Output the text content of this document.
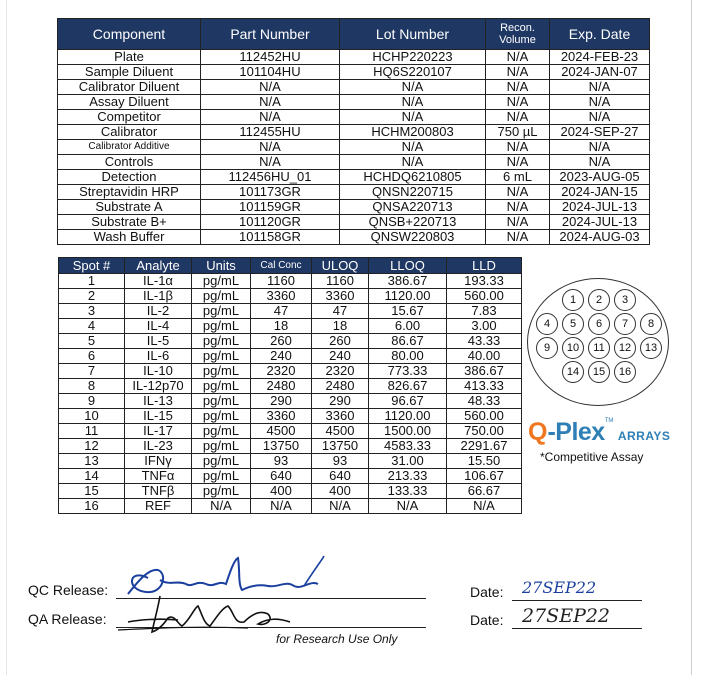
Component	Part Number	Lot Number	Recon. Volume	Exp. Date
Plate	112452HU	HCHP220223	N/A	2024-FEB-23
Sample Diluent	101104HU	HQ6S220107	N/A	2024-JAN-07
Calibrator Diluent	N/A	N/A	N/A	N/A
Assay Diluent	N/A	N/A	N/A	N/A
Competitor	N/A	N/A	N/A	N/A
Calibrator	112455HU	HCHM200803	750 µL	2024-SEP-27
Calibrator Additive	N/A	N/A	N/A	N/A
Controls	N/A	N/A	N/A	N/A
Detection	112456HU_01	HCHDQ6210805	6 mL	2023-AUG-05
Streptavidin HRP	101173GR	QNSN220715	N/A	2024-JAN-15
Substrate A	101159GR	QNSA220713	N/A	2024-JUL-13
Substrate B+	101120GR	QNSB+220713	N/A	2024-JUL-13
Wash Buffer	101158GR	QNSW220803	N/A	2024-AUG-03
Spot #	Analyte	Units	Cal Conc	ULOQ	LLOQ	LLD
1	IL-1α	pg/mL	1160	1160	386.67	193.33
2	IL-1β	pg/mL	3360	3360	1120.00	560.00
3	IL-2	pg/mL	47	47	15.67	7.83
4	IL-4	pg/mL	18	18	6.00	3.00
5	IL-5	pg/mL	260	260	86.67	43.33
6	IL-6	pg/mL	240	240	80.00	40.00
7	IL-10	pg/mL	2320	2320	773.33	386.67
8	IL-12p70	pg/mL	2480	2480	826.67	413.33
9	IL-13	pg/mL	290	290	96.67	48.33
10	IL-15	pg/mL	3360	3360	1120.00	560.00
11	IL-17	pg/mL	4500	4500	1500.00	750.00
12	IL-23	pg/mL	13750	13750	4583.33	2291.67
13	IFNγ	pg/mL	93	93	31.00	15.50
14	TNFα	pg/mL	640	640	213.33	106.67
15	TNFβ	pg/mL	400	400	133.33	66.67
16	REF	N/A	N/A	N/A	N/A	N/A
1	2	3
4	5	6	7	8
9	10	11	12	13
14	15	16
Q-Plex™ ARRAYS
*Competitive Assay
QC Release:
QA Release:
Date: 27SEP22
Date: 27SEP22
for Research Use Only
